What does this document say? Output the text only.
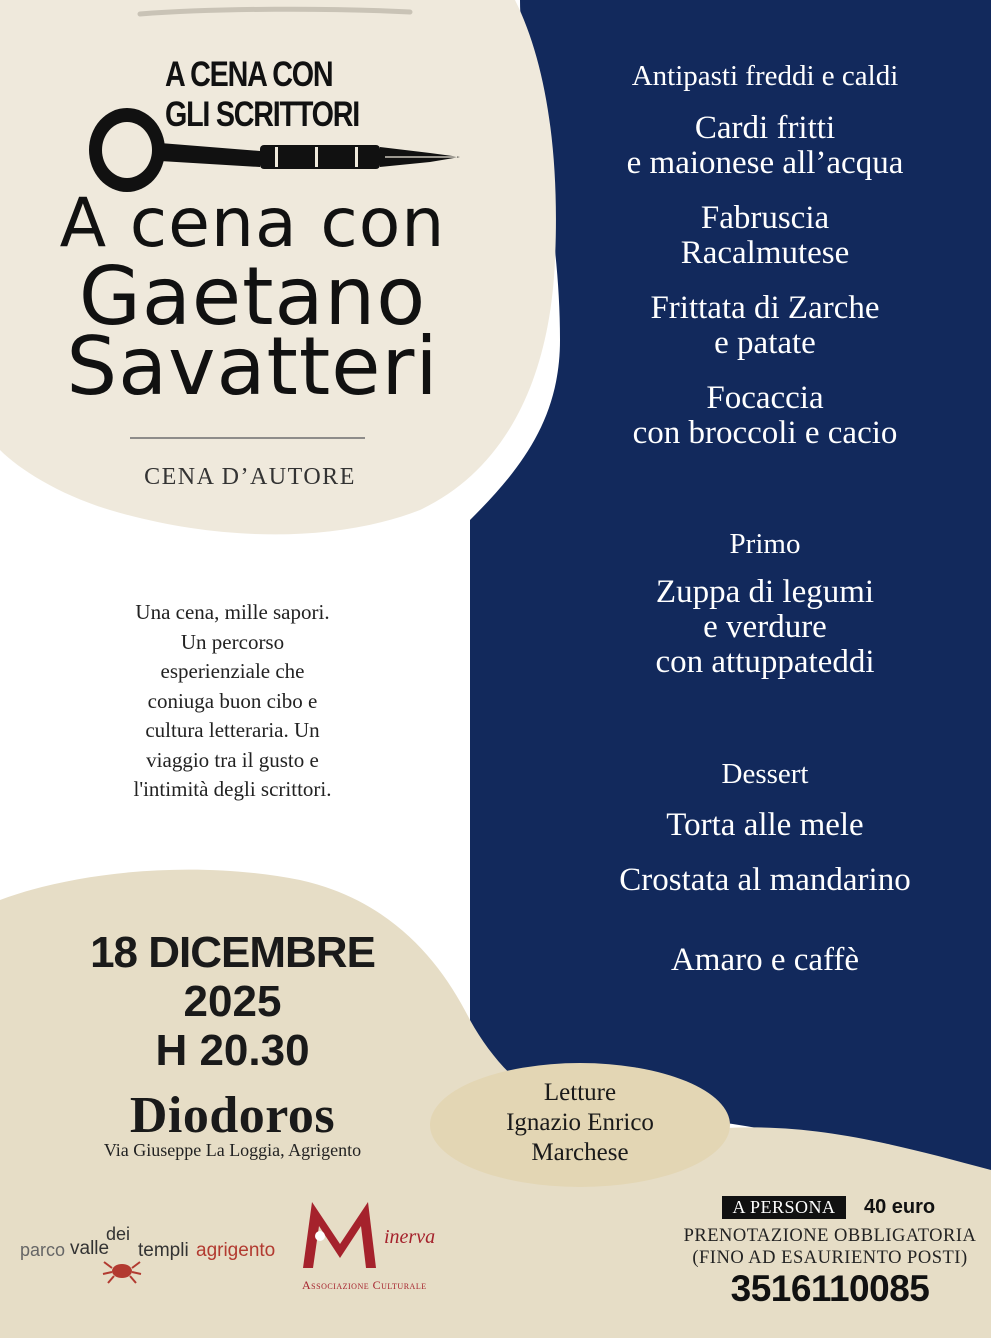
A CENA CON
GLI SCRITTORI
A cena con
Gaetano
Savatteri
CENA D’AUTORE
Una cena, mille sapori.
Un percorso
esperienziale che
coniuga buon cibo e
cultura letteraria. Un
viaggio tra il gusto e
l'intimità degli scrittori.
Antipasti freddi e caldi
Cardi fritti
e maionese all’acqua
Fabruscia
Racalmutese
Frittata di Zarche
e patate
Focaccia
con broccoli e cacio
Primo
Zuppa di legumi
e verdure
con attuppateddi
Dessert
Torta alle mele
Crostata al mandarino
Amaro e caffè
18 DICEMBRE
2025
H 20.30
Diodoros
Via Giuseppe La Loggia, Agrigento
Letture
Ignazio Enrico
Marchese
A PERSONA	40 euro
PRENOTAZIONE OBBLIGATORIA
(FINO AD ESAURIENTO POSTI)
3516110085
parco valle
dei
templi agrigento
inerva
Associazione Culturale
